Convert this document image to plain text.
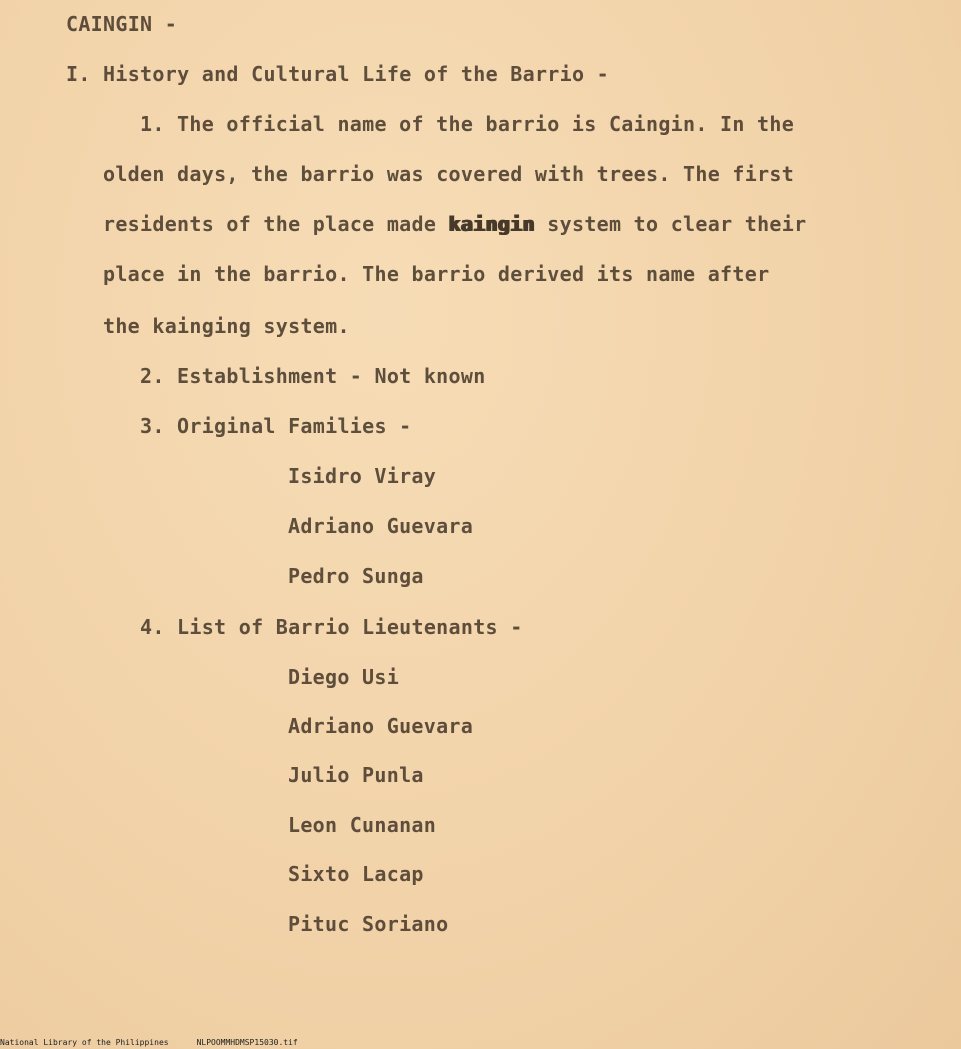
CAINGIN -
I. History and Cultural Life of the Barrio -
1. The official name of the barrio is Caingin. In the
olden days, the barrio was covered with trees. The first
residents of the place made kaingin system to clear their
place in the barrio. The barrio derived its name after
the kainging system.
2. Establishment - Not known
3. Original Families -
Isidro Viray
Adriano Guevara
Pedro Sunga
4. List of Barrio Lieutenants -
Diego Usi
Adriano Guevara
Julio Punla
Leon Cunanan
Sixto Lacap
Pituc Soriano
National Library of the Philippines	NLPOOMMHDMSP15030.tif
